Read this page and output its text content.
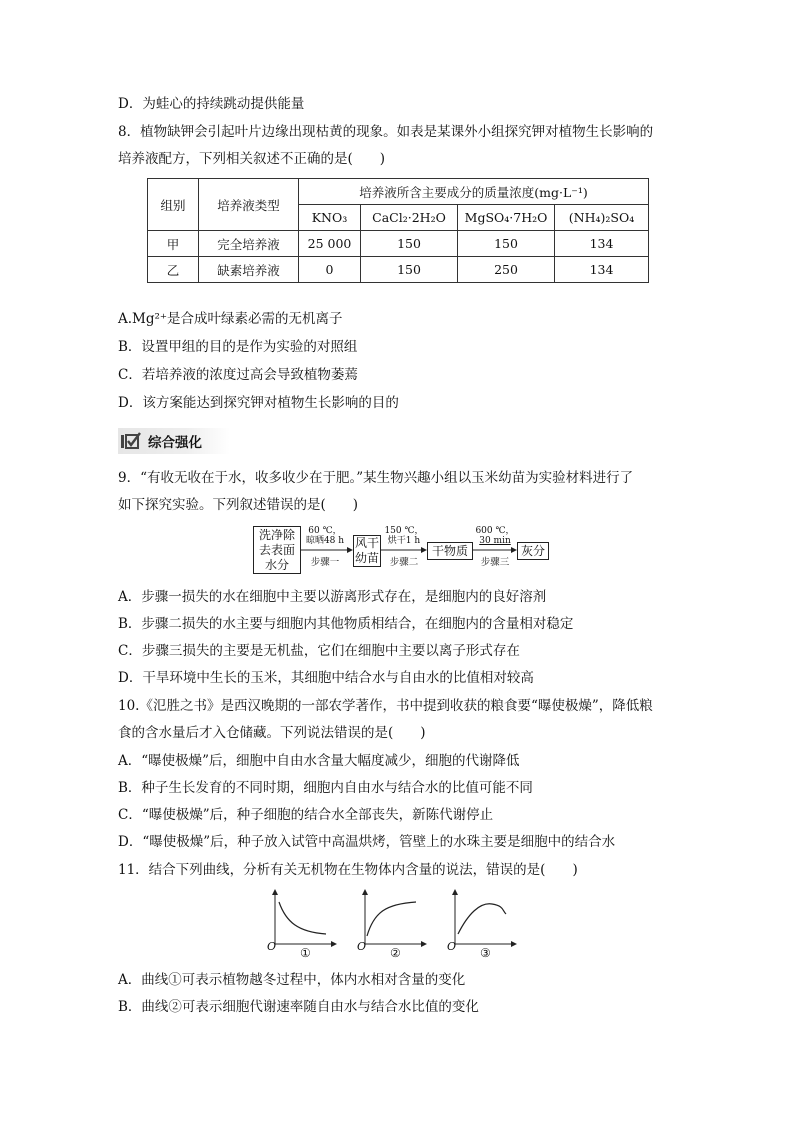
D．为蛙心的持续跳动提供能量
8．植物缺钾会引起叶片边缘出现枯黄的现象。如表是某课外小组探究钾对植物生长影响的
培养液配方，下列相关叙述不正确的是(　　)
组别	培养液类型	培养液所含主要成分的质量浓度(mg·L⁻¹)			
		KNO₃	CaCl₂·2H₂O	MgSO₄·7H₂O	(NH₄)₂SO₄
甲	完全培养液	25 000	150	150	134
乙	缺素培养液	0	150	250	134
A.Mg²⁺是合成叶绿素必需的无机离子
B．设置甲组的目的是作为实验的对照组
C．若培养液的浓度过高会导致植物萎蔫
D．该方案能达到探究钾对植物生长影响的目的
综合强化
9．“有收无收在于水，收多收少在于肥。”某生物兴趣小组以玉米幼苗为实验材料进行了
如下探究实验。下列叙述错误的是(　　)
洗净除
去表面
水分
60 ℃，
晾晒48 h
步骤一
风干
幼苗
150 ℃，
烘干1 h
步骤二
干物质
600 ℃，
30 min
步骤三
灰分
A．步骤一损失的水在细胞中主要以游离形式存在，是细胞内的良好溶剂
B．步骤二损失的水主要与细胞内其他物质相结合，在细胞内的含量相对稳定
C．步骤三损失的主要是无机盐，它们在细胞中主要以离子形式存在
D．干旱环境中生长的玉米，其细胞中结合水与自由水的比值相对较高
10.《氾胜之书》是西汉晚期的一部农学著作，书中提到收获的粮食要“曝使极燥”，降低粮
食的含水量后才入仓储藏。下列说法错误的是(　　)
A．“曝使极燥”后，细胞中自由水含量大幅度减少，细胞的代谢降低
B．种子生长发育的不同时期，细胞内自由水与结合水的比值可能不同
C．“曝使极燥”后，种子细胞的结合水全部丧失，新陈代谢停止
D．“曝使极燥”后，种子放入试管中高温烘烤，管壁上的水珠主要是细胞中的结合水
11．结合下列曲线，分析有关无机物在生物体内含量的说法，错误的是(　　)
O	O	O
①	②	③
A．曲线①可表示植物越冬过程中，体内水相对含量的变化
B．曲线②可表示细胞代谢速率随自由水与结合水比值的变化
